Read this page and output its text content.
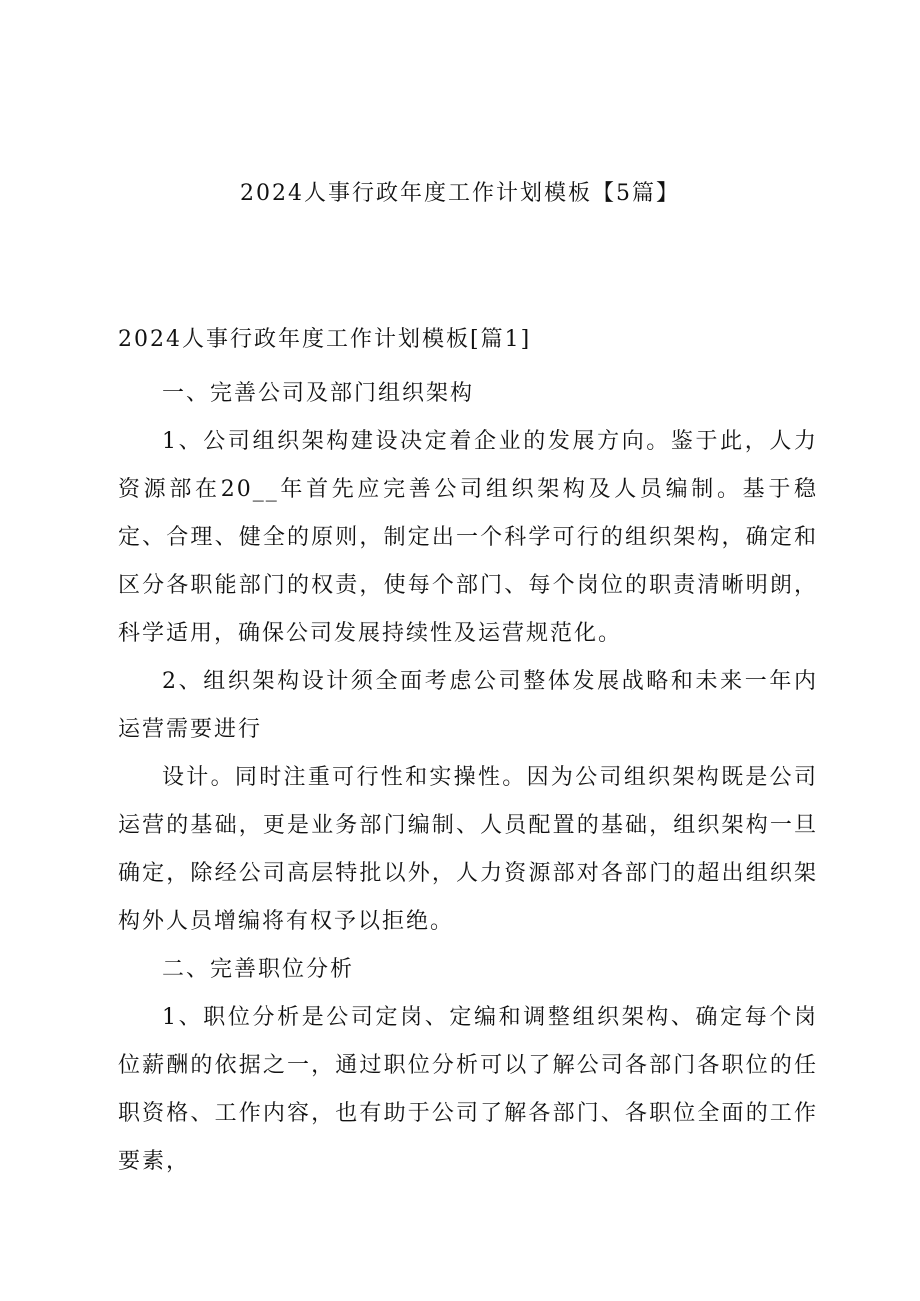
2024人事行政年度工作计划模板【5篇】
2024人事行政年度工作计划模板[篇1]

一、完善公司及部门组织架构

1、公司组织架构建设决定着企业的发展方向。鉴于此，人力资源部在20__年首先应完善公司组织架构及人员编制。基于稳定、合理、健全的原则，制定出一个科学可行的组织架构，确定和区分各职能部门的权责，使每个部门、每个岗位的职责清晰明朗，科学适用，确保公司发展持续性及运营规范化。

2、组织架构设计须全面考虑公司整体发展战略和未来一年内运营需要进行

设计。同时注重可行性和实操性。因为公司组织架构既是公司运营的基础，更是业务部门编制、人员配置的基础，组织架构一旦确定，除经公司高层特批以外，人力资源部对各部门的超出组织架构外人员增编将有权予以拒绝。

二、完善职位分析

1、职位分析是公司定岗、定编和调整组织架构、确定每个岗位薪酬的依据之一，通过职位分析可以了解公司各部门各职位的任职资格、工作内容，也有助于公司了解各部门、各职位全面的工作要素，
